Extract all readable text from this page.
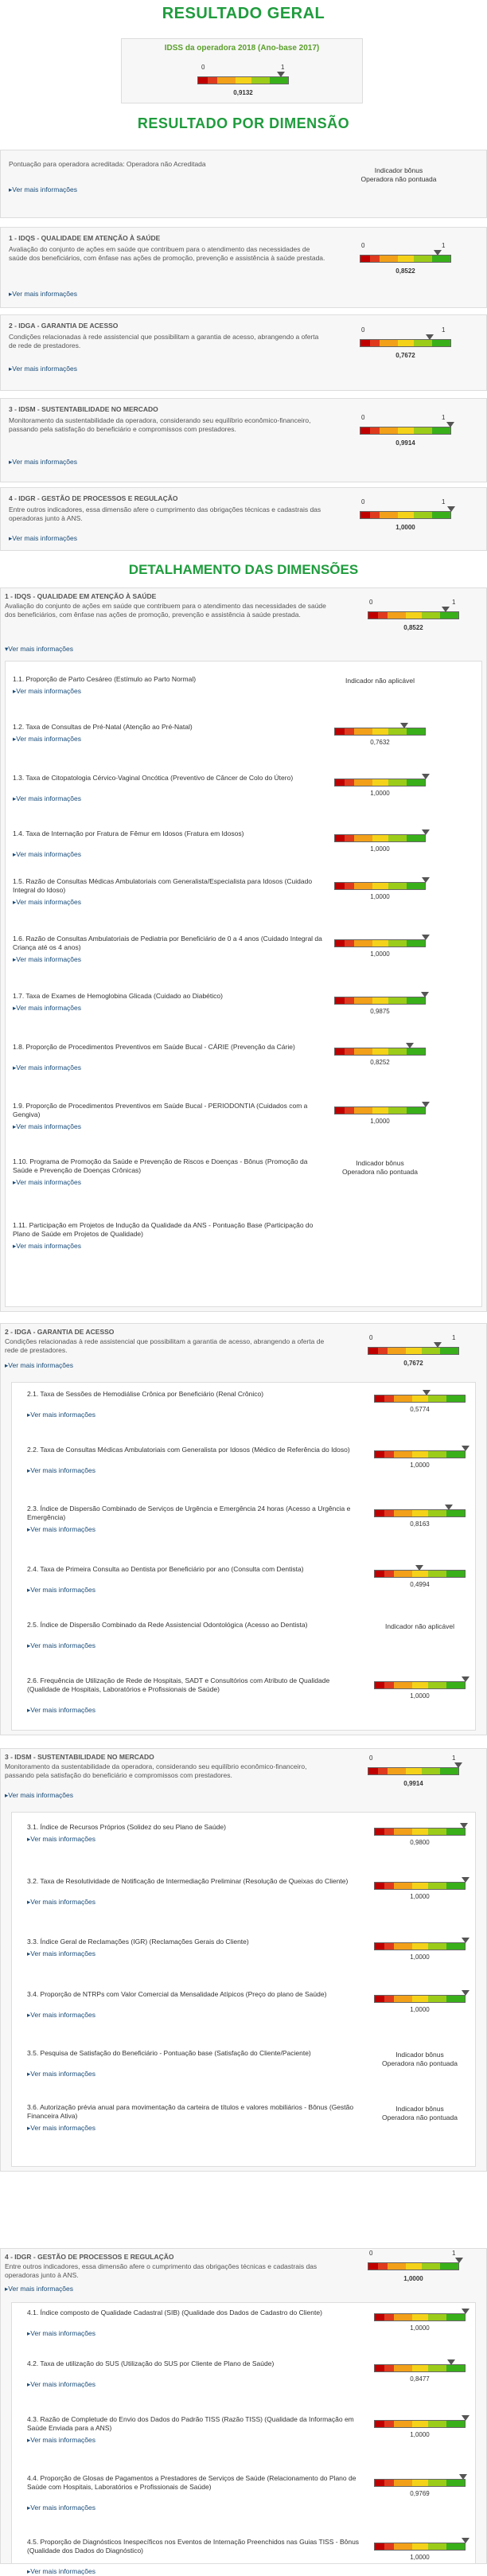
RESULTADO GERAL
IDSS da operadora 2018 (Ano-base 2017)
0	1
0,9132
RESULTADO POR DIMENSÃO
Pontuação para operadora acreditada: Operadora não Acreditada
Indicador bônus
Operadora não pontuada
▸ Ver mais informações
1 - IDQS - QUALIDADE EM ATENÇÃO À SAÚDE
Avaliação do conjunto de ações em saúde que contribuem para o atendimento das necessidades de saúde dos beneficiários, com ênfase nas ações de promoção, prevenção e assistência à saúde prestada.
▸ Ver mais informações
0	1
0,8522
2 - IDGA - GARANTIA DE ACESSO
Condições relacionadas à rede assistencial que possibilitam a garantia de acesso, abrangendo a oferta de rede de prestadores.
▸ Ver mais informações
0	1
0,7672
3 - IDSM - SUSTENTABILIDADE NO MERCADO
Monitoramento da sustentabilidade da operadora, considerando seu equilíbrio econômico-financeiro, passando pela satisfação do beneficiário e compromissos com prestadores.
▸ Ver mais informações
0	1
0,9914
4 - IDGR - GESTÃO DE PROCESSOS E REGULAÇÃO
Entre outros indicadores, essa dimensão afere o cumprimento das obrigações técnicas e cadastrais das operadoras junto à ANS.
▸ Ver mais informações
0	1
1,0000
DETALHAMENTO DAS DIMENSÕES
1 - IDQS - QUALIDADE EM ATENÇÃO À SAÚDE
Avaliação do conjunto de ações em saúde que contribuem para o atendimento das necessidades de saúde dos beneficiários, com ênfase nas ações de promoção, prevenção e assistência à saúde prestada.
▾ Ver mais informações
0	1
0,8522
1.1. Proporção de Parto Cesáreo (Estímulo ao Parto Normal)
▸ Ver mais informações
Indicador não aplicável
1.2. Taxa de Consultas de Pré-Natal (Atenção ao Pré-Natal)
▸ Ver mais informações	0,7632
1.3. Taxa de Citopatologia Cérvico-Vaginal Oncótica (Preventivo de Câncer de Colo do Útero)
▸ Ver mais informações
1,0000
1.4. Taxa de Internação por Fratura de Fêmur em Idosos (Fratura em Idosos)
▸ Ver mais informações
1,0000
1.5. Razão de Consultas Médicas Ambulatoriais com Generalista/Especialista para Idosos (Cuidado Integral do Idoso)
▸ Ver mais informações
1,0000
1.6. Razão de Consultas Ambulatoriais de Pediatria por Beneficiário de 0 a 4 anos (Cuidado Integral da Criança até os 4 anos)
▸ Ver mais informações
1,0000
1.7. Taxa de Exames de Hemoglobina Glicada (Cuidado ao Diabético)
▸ Ver mais informações	0,9875
1.8. Proporção de Procedimentos Preventivos em Saúde Bucal - CÁRIE (Prevenção da Cárie)
▸ Ver mais informações
0,8252
1.9. Proporção de Procedimentos Preventivos em Saúde Bucal - PERIODONTIA (Cuidados com a Gengiva)
▸ Ver mais informações
1,0000
1.10. Programa de Promoção da Saúde e Prevenção de Riscos e Doenças - Bônus (Promoção da Saúde e Prevenção de Doenças Crônicas)
▸ Ver mais informações
Indicador bônus
Operadora não pontuada
1.11. Participação em Projetos de Indução da Qualidade da ANS - Pontuação Base (Participação do Plano de Saúde em Projetos de Qualidade)
▸ Ver mais informações
2 - IDGA - GARANTIA DE ACESSO
Condições relacionadas à rede assistencial que possibilitam a garantia de acesso, abrangendo a oferta de rede de prestadores.
▸ Ver mais informações
0	1
0,7672
2.1. Taxa de Sessões de Hemodiálise Crônica por Beneficiário (Renal Crônico)
▸ Ver mais informações
0,5774
2.2. Taxa de Consultas Médicas Ambulatoriais com Generalista por Idosos (Médico de Referência do Idoso)
▸ Ver mais informações
1,0000
2.3. Índice de Dispersão Combinado de Serviços de Urgência e Emergência 24 horas (Acesso a Urgência e Emergência)
▸ Ver mais informações
0,8163
2.4. Taxa de Primeira Consulta ao Dentista por Beneficiário por ano (Consulta com Dentista)
▸ Ver mais informações
0,4994
2.5. Índice de Dispersão Combinado da Rede Assistencial Odontológica (Acesso ao Dentista)
▸ Ver mais informações
Indicador não aplicável
2.6. Frequência de Utilização de Rede de Hospitais, SADT e Consultórios com Atributo de Qualidade (Qualidade de Hospitais, Laboratórios e Profissionais de Saúde)
▸ Ver mais informações
1,0000
3 - IDSM - SUSTENTABILIDADE NO MERCADO
Monitoramento da sustentabilidade da operadora, considerando seu equilíbrio econômico-financeiro, passando pela satisfação do beneficiário e compromissos com prestadores.
▸ Ver mais informações
0	1
0,9914
3.1. Índice de Recursos Próprios (Solidez do seu Plano de Saúde)
▸ Ver mais informações	0,9800
3.2. Taxa de Resolutividade de Notificação de Intermediação Preliminar (Resolução de Queixas do Cliente)
▸ Ver mais informações
1,0000
3.3. Índice Geral de Reclamações (IGR) (Reclamações Gerais do Cliente)
▸ Ver mais informações	1,0000
3.4. Proporção de NTRPs com Valor Comercial da Mensalidade Atípicos (Preço do plano de Saúde)
▸ Ver mais informações
1,0000
3.5. Pesquisa de Satisfação do Beneficiário - Pontuação base (Satisfação do Cliente/Paciente)
▸ Ver mais informações
Indicador bônus
Operadora não pontuada
3.6. Autorização prévia anual para movimentação da carteira de títulos e valores mobiliários - Bônus (Gestão Financeira Ativa)
▸ Ver mais informações
Indicador bônus
Operadora não pontuada
4 - IDGR - GESTÃO DE PROCESSOS E REGULAÇÃO
Entre outros indicadores, essa dimensão afere o cumprimento das obrigações técnicas e cadastrais das operadoras junto à ANS.
▸ Ver mais informações
0	1
1,0000
4.1. Índice composto de Qualidade Cadastral (SIB) (Qualidade dos Dados de Cadastro do Cliente)
▸ Ver mais informações
1,0000
4.2. Taxa de utilização do SUS (Utilização do SUS por Cliente de Plano de Saúde)
▸ Ver mais informações
0,8477
4.3. Razão de Completude do Envio dos Dados do Padrão TISS (Razão TISS) (Qualidade da Informação em Saúde Enviada para a ANS)
▸ Ver mais informações
1,0000
4.4. Proporção de Glosas de Pagamentos a Prestadores de Serviços de Saúde (Relacionamento do Plano de Saúde com Hospitais, Laboratórios e Profissionais de Saúde)
▸ Ver mais informações
0,9769
4.5. Proporção de Diagnósticos Inespecíficos nos Eventos de Internação Preenchidos nas Guias TISS - Bônus (Qualidade dos Dados do Diagnóstico)
▸ Ver mais informações
1,0000
